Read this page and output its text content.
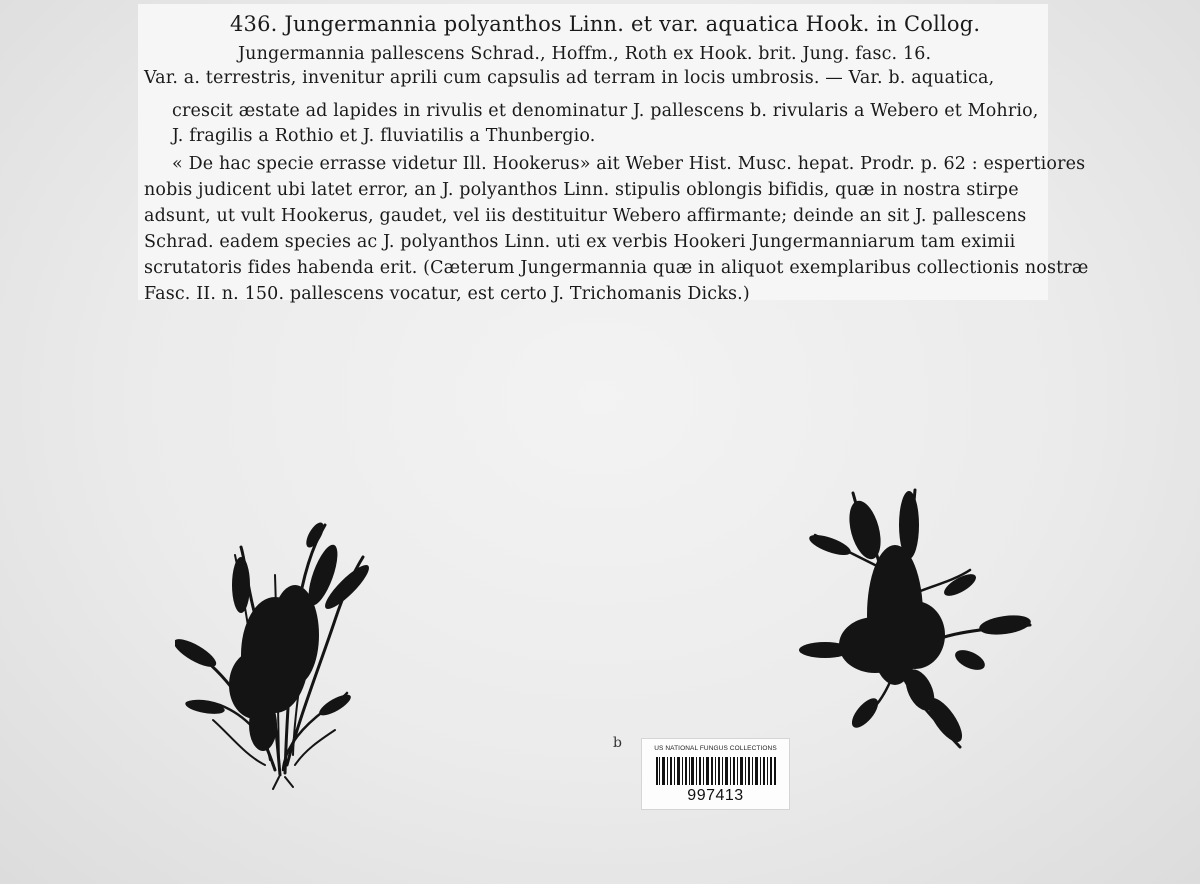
436. Jungermannia polyanthos Linn. et var. aquatica Hook. in Collog.
Jungermannia pallescens Schrad., Hoffm., Roth ex Hook. brit. Jung. fasc. 16.
Var. a. terrestris, invenitur aprili cum capsulis ad terram in locis umbrosis. — Var. b. aquatica,
crescit æstate ad lapides in rivulis et denominatur J. pallescens b. rivularis a Webero et Mohrio,
J. fragilis a Rothio et J. fluviatilis a Thunbergio.
« De hac specie errasse videtur Ill. Hookerus» ait Weber Hist. Musc. hepat. Prodr. p. 62 : espertiores
nobis judicent ubi latet error, an J. polyanthos Linn. stipulis oblongis bifidis, quæ in nostra stirpe
adsunt, ut vult Hookerus, gaudet, vel iis destituitur Webero affirmante; deinde an sit J. pallescens
Schrad. eadem species ac J. polyanthos Linn. uti ex verbis Hookeri Jungermanniarum tam eximii
scrutatoris fides habenda erit. (Cæterum Jungermannia quæ in aliquot exemplaribus collectionis nostræ
Fasc. II. n. 150. pallescens vocatur, est certo J. Trichomanis Dicks.)
b	US NATIONAL FUNGUS COLLECTIONS
997413
